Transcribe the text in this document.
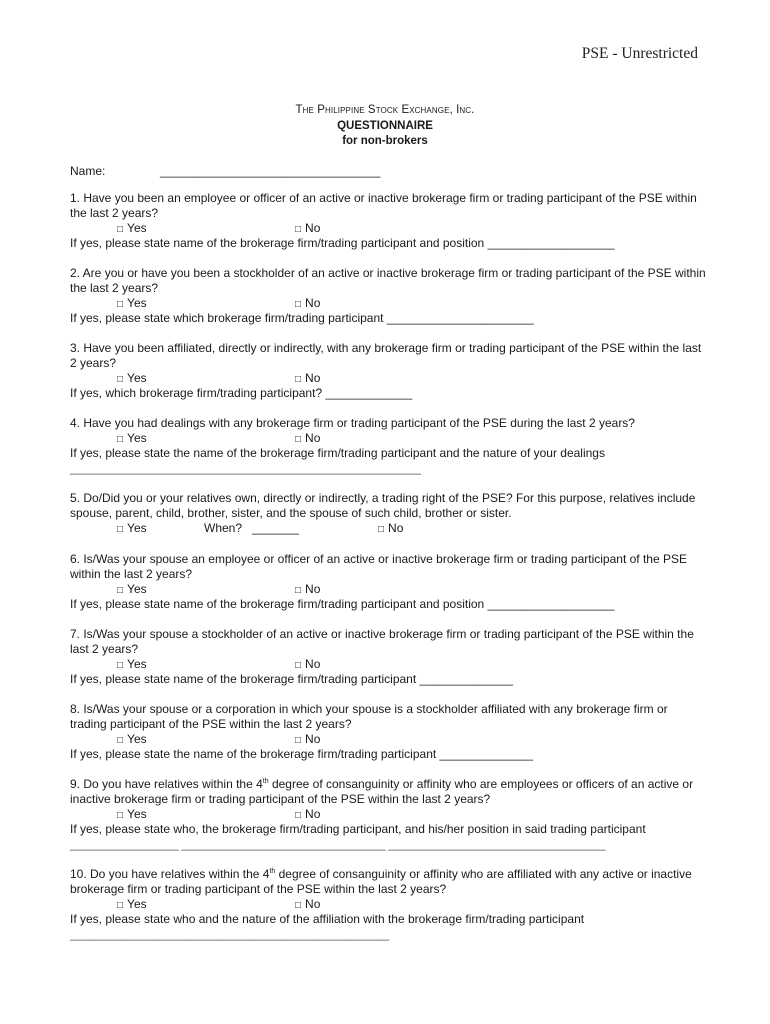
PSE - Unrestricted
The Philippine Stock Exchange, Inc.
QUESTIONNAIRE
for non-brokers
Name:	_________________________________

1. Have you been an employee or officer of an active or inactive brokerage firm or trading participant of the PSE within the last 2 years?

□ Yes	□ No

If yes, please state name of the brokerage firm/trading participant and position ___________________

2. Are you or have you been a stockholder of an active or inactive brokerage firm or trading participant of the PSE within the last 2 years?

□ Yes	□ No

If yes, please state which brokerage firm/trading participant ______________________

3. Have you been affiliated, directly or indirectly, with any brokerage firm or trading participant of the PSE within the last 2 years?

□ Yes	□ No

If yes, which brokerage firm/trading participant? _____________

4. Have you had dealings with any brokerage firm or trading participant of the PSE during the last 2 years?

□ Yes	□ No

If yes, please state the name of the brokerage firm/trading participant and the nature of your dealings

_______________________________________________________

5. Do/Did you or your relatives own, directly or indirectly, a trading right of the PSE? For this purpose, relatives include spouse, parent, child, brother, sister, and the spouse of such child, brother or sister.

□ Yes	When? _______	□ No

6. Is/Was your spouse an employee or officer of an active or inactive brokerage firm or trading participant of the PSE within the last 2 years?

□ Yes	□ No

If yes, please state name of the brokerage firm/trading participant and position ___________________

7. Is/Was your spouse a stockholder of an active or inactive brokerage firm or trading participant of the PSE within the last 2 years?

□ Yes	□ No

If yes, please state name of the brokerage firm/trading participant ______________

8. Is/Was your spouse or a corporation in which your spouse is a stockholder affiliated with any brokerage firm or trading participant of the PSE within the last 2 years?

□ Yes	□ No

If yes, please state the name of the brokerage firm/trading participant ______________

9. Do you have relatives within the 4th degree of consanguinity or affinity who are employees or officers of an active or inactive brokerage firm or trading participant of the PSE within the last 2 years?

□ Yes	□ No

If yes, please state who, the brokerage firm/trading participant, and his/her position in said trading participant

_________________ ________________________________ __________________________________

10. Do you have relatives within the 4th degree of consanguinity or affinity who are affiliated with any active or inactive brokerage firm or trading participant of the PSE within the last 2 years?

□ Yes	□ No

If yes, please state who and the nature of the affiliation with the brokerage firm/trading participant

__________________________________________________
